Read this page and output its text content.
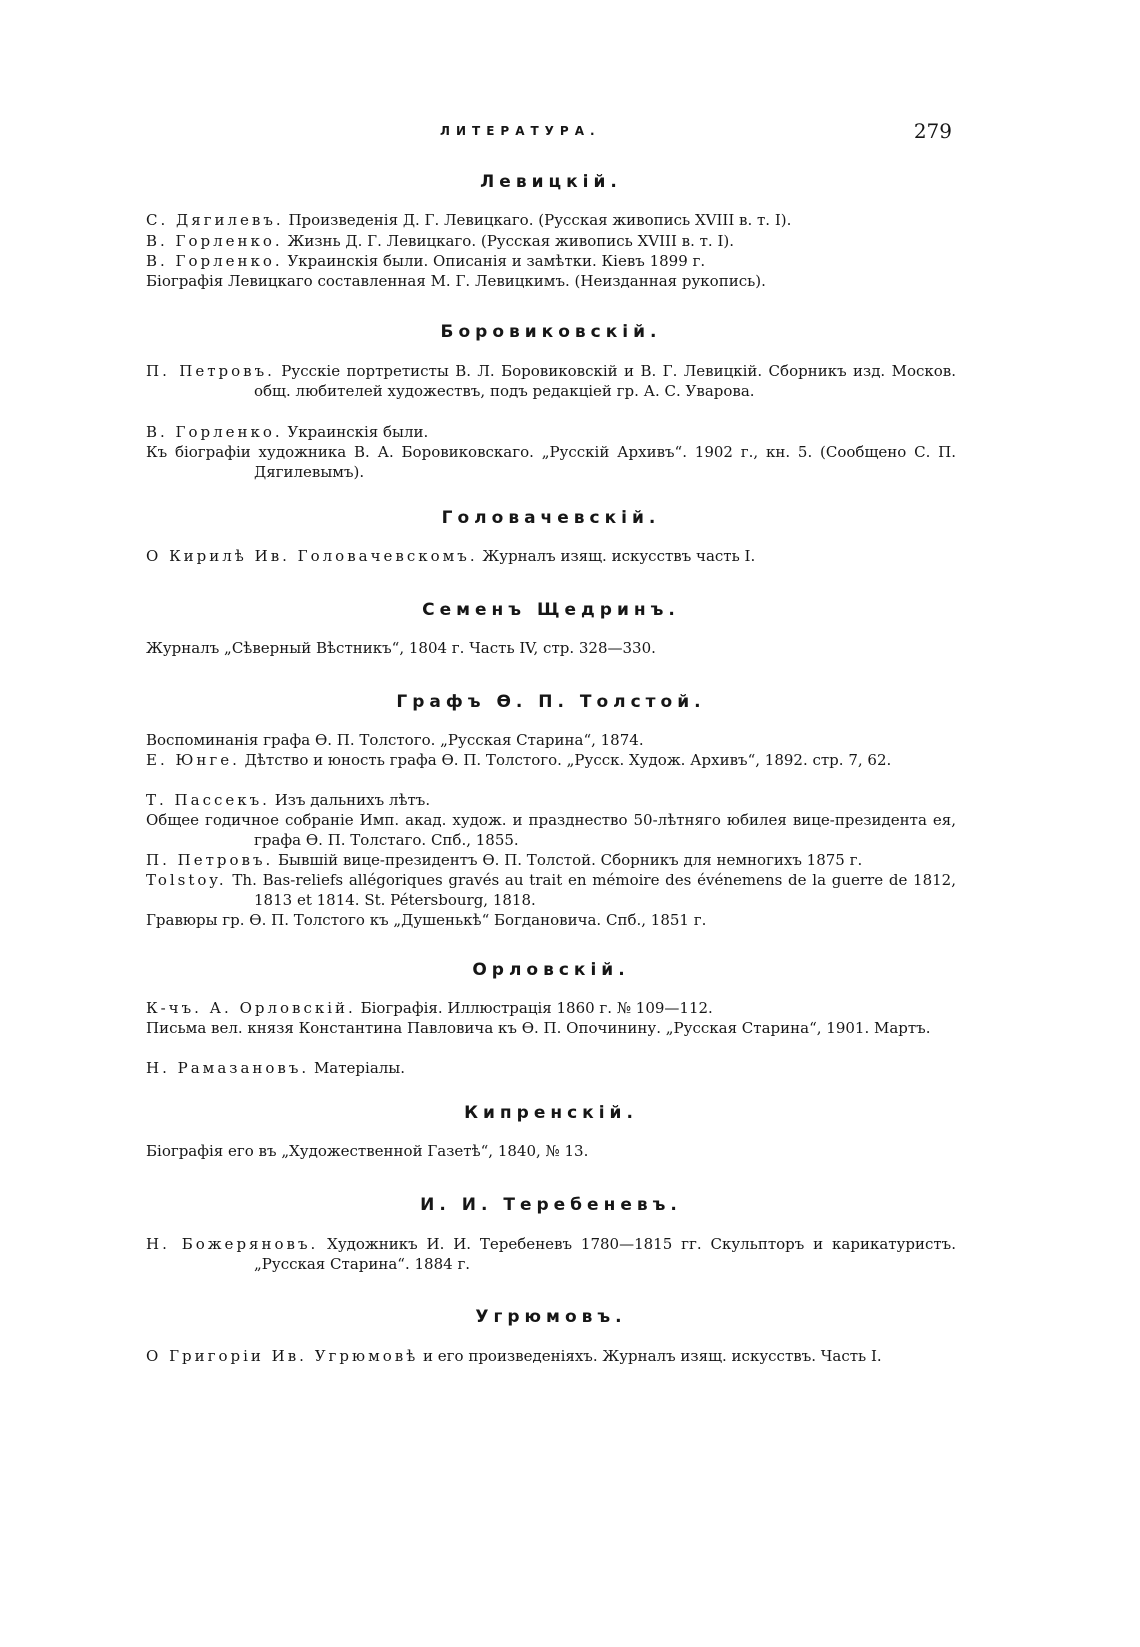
ЛИТЕРАТУРА.	279
Левицкій.
С. Дягилевъ. Произведенія Д. Г. Левицкаго. (Русская живопись XVIII в. т. I).
В. Горленко. Жизнь Д. Г. Левицкаго. (Русская живопись XVIII в. т. I).
В. Горленко. Украинскія были. Описанія и замѣтки. Кіевъ 1899 г.
Біографія Левицкаго составленная М. Г. Левицкимъ. (Неизданная рукопись).
Боровиковскій.
П. Петровъ. Русскіе портретисты В. Л. Боровиковскій и В. Г. Левицкій. Сборникъ изд. Москов. общ. любителей художествъ, подъ редакціей гр. А. С. Уварова.
В. Горленко. Украинскія были.
Къ біографіи художника В. А. Боровиковскаго. „Русскій Архивъ“. 1902 г., кн. 5. (Сообщено С. П. Дягилевымъ).
Головачевскій.
О Кирилѣ Ив. Головачевскомъ. Журналъ изящ. искусствъ часть I.
Семенъ Щедринъ.
Журналъ „Сѣверный Вѣстникъ“, 1804 г. Часть IV, стр. 328—330.
Графъ Ѳ. П. Толстой.
Воспоминанія графа Ѳ. П. Толстого. „Русская Старина“, 1874.
Е. Юнге. Дѣтство и юность графа Ѳ. П. Толстого. „Русск. Худож. Архивъ“, 1892. стр. 7, 62.
Т. Пассекъ. Изъ дальнихъ лѣтъ.
Общее годичное собраніе Имп. акад. худож. и празднество 50-лѣтняго юбилея вице-президента ея, графа Ѳ. П. Толстаго. Спб., 1855.
П. Петровъ. Бывшій вице-президентъ Ѳ. П. Толстой. Сборникъ для немногихъ 1875 г.
Tolstoy. Th. Bas-reliefs allégoriques gravés au trait en mémoire des événemens de la guerre de 1812, 1813 et 1814. St. Pétersbourg, 1818.
Гравюры гр. Ѳ. П. Толстого къ „Душенькѣ“ Богдановича. Спб., 1851 г.
Орловскій.
К-чъ. А. Орловскій. Біографія. Иллюстрація 1860 г. № 109—112.
Письма вел. князя Константина Павловича къ Ѳ. П. Опочинину. „Русская Старина“, 1901. Мартъ.
Н. Рамазановъ. Матеріалы.
Кипренскій.
Біографія его въ „Художественной Газетѣ“, 1840, № 13.
И. И. Теребеневъ.
Н. Божеряновъ. Художникъ И. И. Теребеневъ 1780—1815 гг. Скульпторъ и карикатуристъ. „Русская Старина“. 1884 г.
Угрюмовъ.
О Григоріи Ив. Угрюмовѣ и его произведеніяхъ. Журналъ изящ. искусствъ. Часть I.
